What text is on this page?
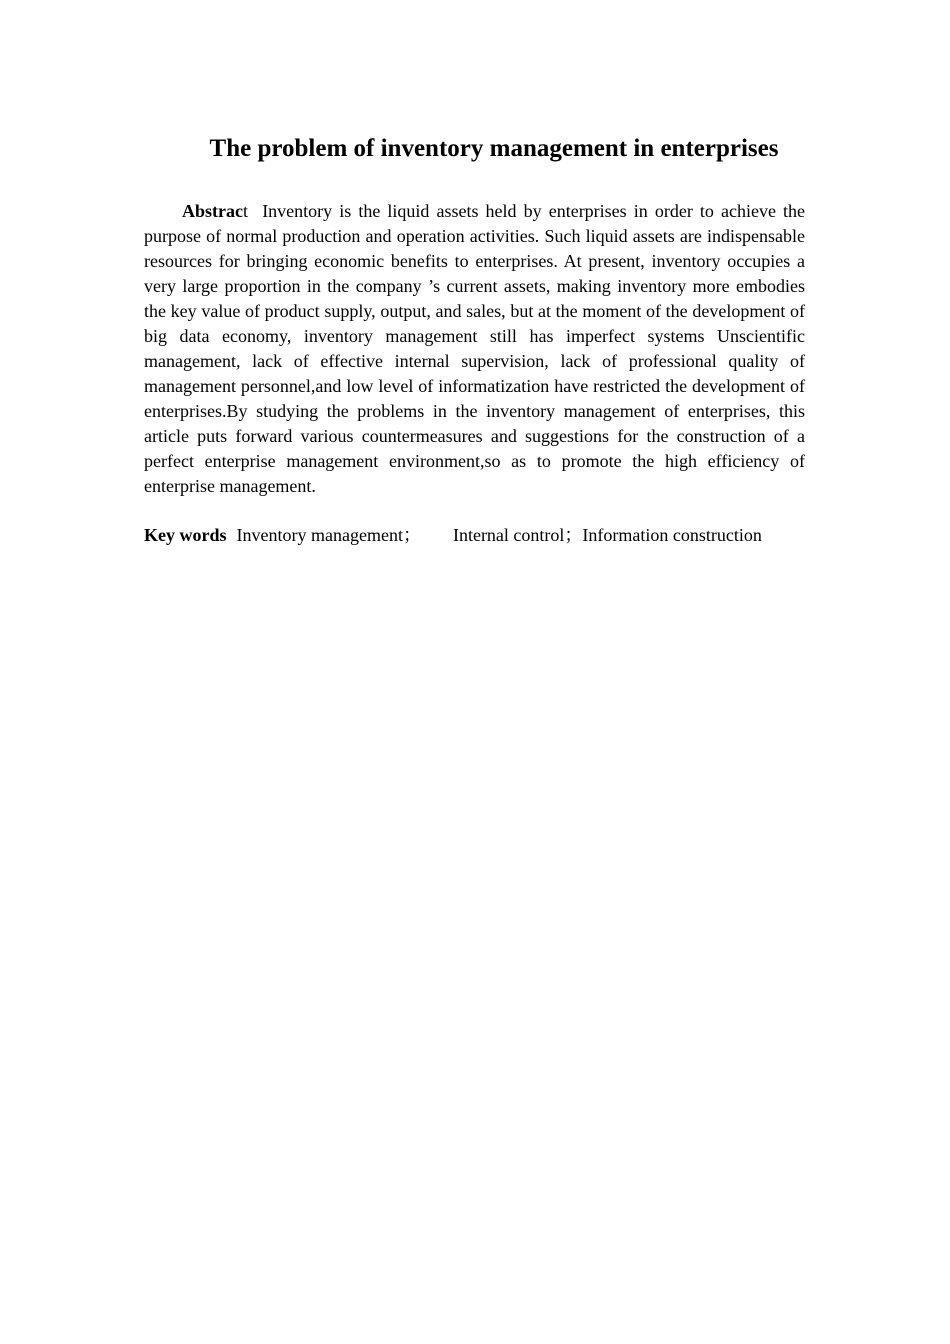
The problem of inventory management in enterprises

Abstract Inventory is the liquid assets held by enterprises in order to achieve the purpose of normal production and operation activities. Such liquid assets are indispensable resources for bringing economic benefits to enterprises. At present, inventory occupies a very large proportion in the company ’s current assets, making inventory more embodies the key value of product supply, output, and sales, but at the moment of the development of big data economy, inventory management still has imperfect systems Unscientific management, lack of effective internal supervision, lack of professional quality of management personnel,and low level of informatization have restricted the development of enterprises.By studying the problems in the inventory management of enterprises, this article puts forward various countermeasures and suggestions for the construction of a perfect enterprise management environment,so as to promote the high efficiency of enterprise management.

Key words Inventory management； Internal control；Information construction
